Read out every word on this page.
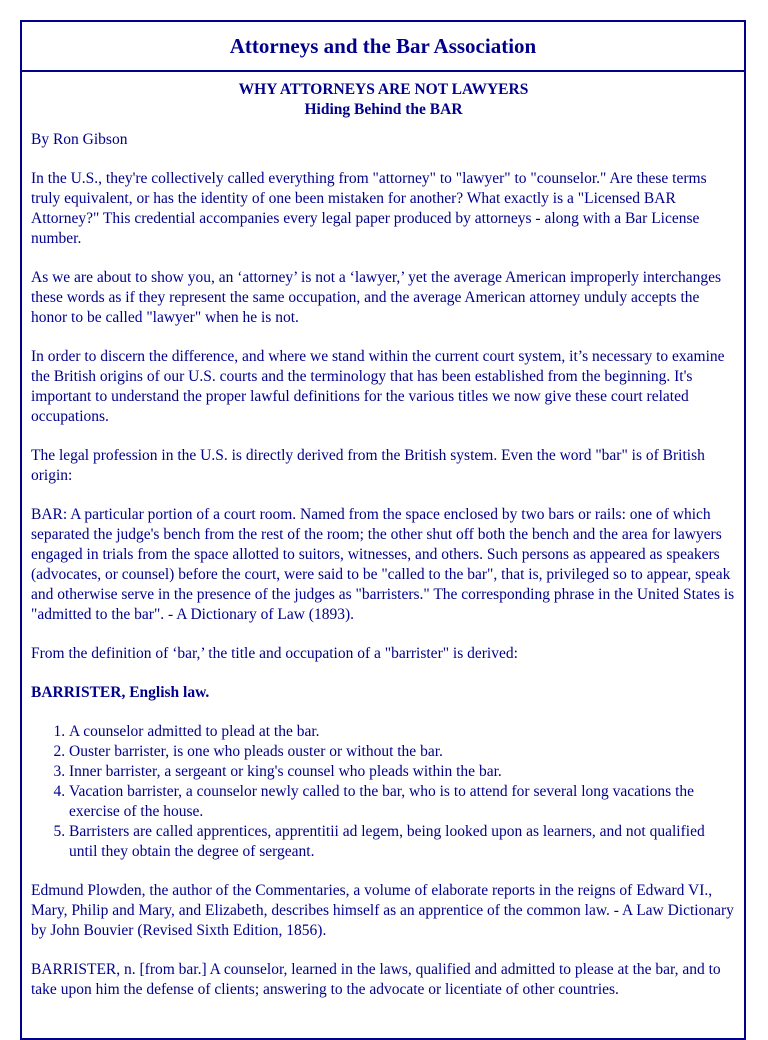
Attorneys and the Bar Association
WHY ATTORNEYS ARE NOT LAWYERS
Hiding Behind the BAR

By Ron Gibson

In the U.S., they're collectively called everything from "attorney" to "lawyer" to "counselor." Are these terms truly equivalent, or has the identity of one been mistaken for another? What exactly is a "Licensed BAR Attorney?" This credential accompanies every legal paper produced by attorneys - along with a Bar License number.

As we are about to show you, an ‘attorney’ is not a ‘lawyer,’ yet the average American improperly interchanges these words as if they represent the same occupation, and the average American attorney unduly accepts the honor to be called "lawyer" when he is not.

In order to discern the difference, and where we stand within the current court system, it’s necessary to examine the British origins of our U.S. courts and the terminology that has been established from the beginning. It's important to understand the proper lawful definitions for the various titles we now give these court related occupations.

The legal profession in the U.S. is directly derived from the British system. Even the word "bar" is of British origin:

BAR: A particular portion of a court room. Named from the space enclosed by two bars or rails: one of which separated the judge's bench from the rest of the room; the other shut off both the bench and the area for lawyers engaged in trials from the space allotted to suitors, witnesses, and others. Such persons as appeared as speakers (advocates, or counsel) before the court, were said to be "called to the bar", that is, privileged so to appear, speak and otherwise serve in the presence of the judges as "barristers." The corresponding phrase in the United States is "admitted to the bar". - A Dictionary of Law (1893).

From the definition of ‘bar,’ the title and occupation of a "barrister" is derived:

BARRISTER, English law.
1. A counselor admitted to plead at the bar.
2. Ouster barrister, is one who pleads ouster or without the bar.
3. Inner barrister, a sergeant or king's counsel who pleads within the bar.
4. Vacation barrister, a counselor newly called to the bar, who is to attend for several long vacations the exercise of the house.
5. Barristers are called apprentices, apprentitii ad legem, being looked upon as learners, and not qualified until they obtain the degree of sergeant.

Edmund Plowden, the author of the Commentaries, a volume of elaborate reports in the reigns of Edward VI., Mary, Philip and Mary, and Elizabeth, describes himself as an apprentice of the common law. - A Law Dictionary by John Bouvier (Revised Sixth Edition, 1856).

BARRISTER, n. [from bar.] A counselor, learned in the laws, qualified and admitted to please at the bar, and to take upon him the defense of clients; answering to the advocate or licentiate of other countries.
